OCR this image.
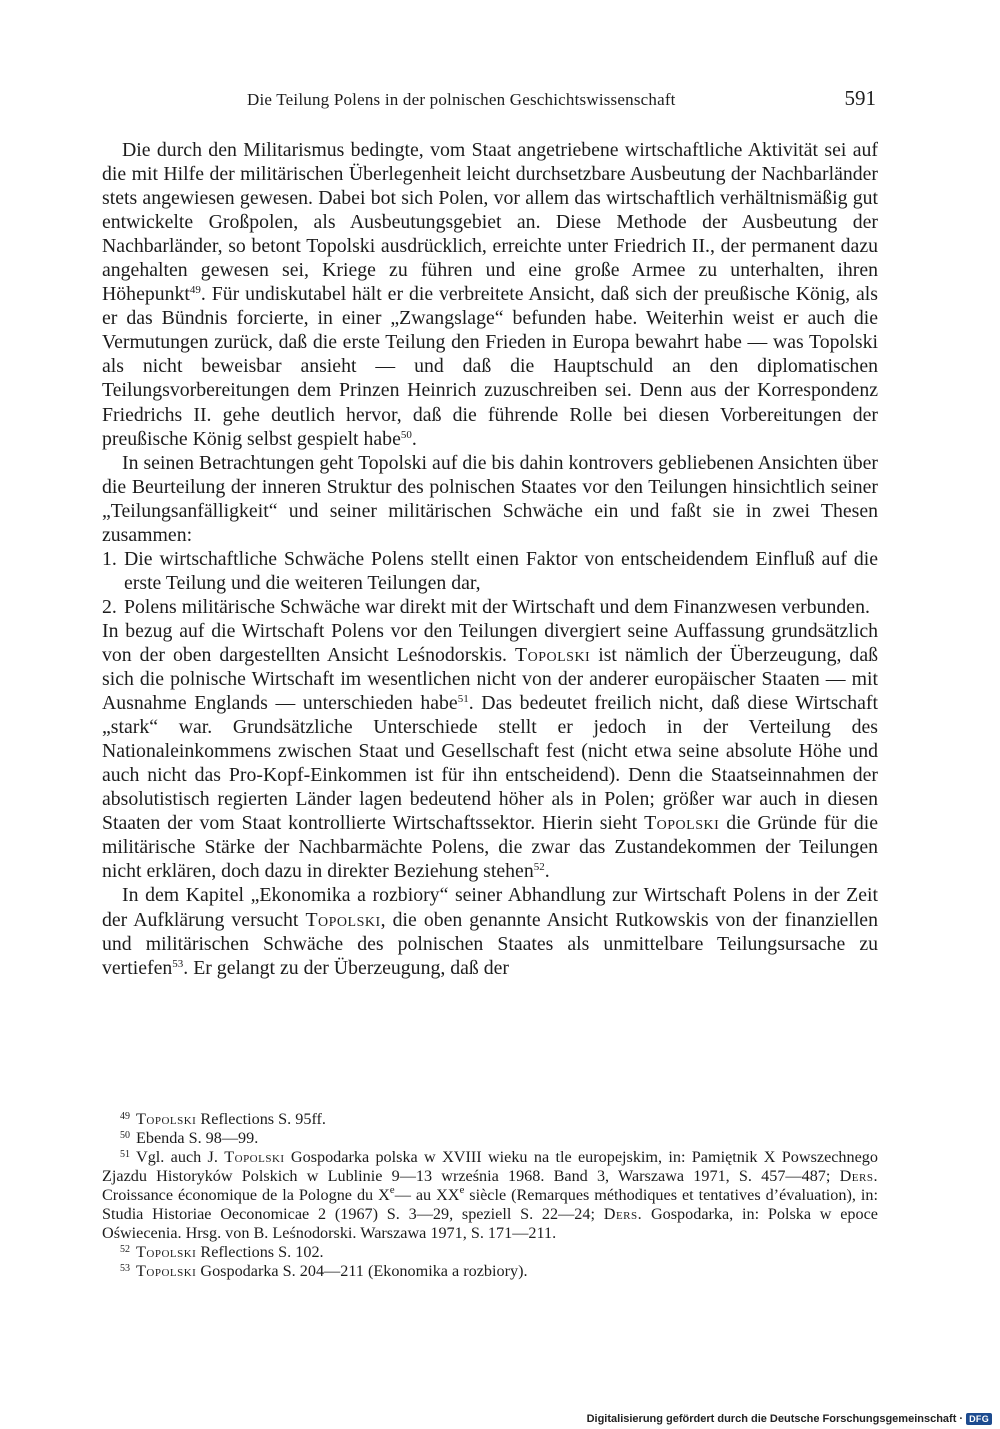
Die Teilung Polens in der polnischen Geschichtswissenschaft	591

Die durch den Militarismus bedingte, vom Staat angetriebene wirtschaftliche Aktivität sei auf die mit Hilfe der militärischen Überlegenheit leicht durchsetzbare Ausbeutung der Nachbarländer stets angewiesen gewesen. Dabei bot sich Polen, vor allem das wirtschaftlich verhältnismäßig gut entwickelte Großpolen, als Ausbeutungsgebiet an. Diese Methode der Ausbeutung der Nachbarländer, so betont Topolski ausdrücklich, erreichte unter Friedrich II., der permanent dazu angehalten gewesen sei, Kriege zu führen und eine große Armee zu unterhalten, ihren Höhepunkt$^{49}$. Für undiskutabel hält er die verbreitete Ansicht, daß sich der preußische König, als er das Bündnis forcierte, in einer „Zwangslage“ befunden habe. Weiterhin weist er auch die Vermutungen zurück, daß die erste Teilung den Frieden in Europa bewahrt habe — was Topolski als nicht beweisbar ansieht — und daß die Hauptschuld an den diplomatischen Teilungsvorbereitungen dem Prinzen Heinrich zuzuschreiben sei. Denn aus der Korrespondenz Friedrichs II. gehe deutlich hervor, daß die führende Rolle bei diesen Vorbereitungen der preußische König selbst gespielt habe$^{50}$.

In seinen Betrachtungen geht Topolski auf die bis dahin kontrovers gebliebenen Ansichten über die Beurteilung der inneren Struktur des polnischen Staates vor den Teilungen hinsichtlich seiner „Teilungsanfälligkeit“ und seiner militärischen Schwäche ein und faßt sie in zwei Thesen zusammen:

1. Die wirtschaftliche Schwäche Polens stellt einen Faktor von entscheidendem Einfluß auf die erste Teilung und die weiteren Teilungen dar,
2. Polens militärische Schwäche war direkt mit der Wirtschaft und dem Finanzwesen verbunden.

In bezug auf die Wirtschaft Polens vor den Teilungen divergiert seine Auffassung grundsätzlich von der oben dargestellten Ansicht Leśnodorskis. Topolski ist nämlich der Überzeugung, daß sich die polnische Wirtschaft im wesentlichen nicht von der anderer europäischer Staaten — mit Ausnahme Englands — unterschieden habe$^{51}$. Das bedeutet freilich nicht, daß diese Wirtschaft „stark“ war. Grundsätzliche Unterschiede stellt er jedoch in der Verteilung des Nationaleinkommens zwischen Staat und Gesellschaft fest (nicht etwa seine absolute Höhe und auch nicht das Pro-Kopf-Einkommen ist für ihn entscheidend). Denn die Staatseinnahmen der absolutistisch regierten Länder lagen bedeutend höher als in Polen; größer war auch in diesen Staaten der vom Staat kontrollierte Wirtschaftssektor. Hierin sieht Topolski die Gründe für die militärische Stärke der Nachbarmächte Polens, die zwar das Zustandekommen der Teilungen nicht erklären, doch dazu in direkter Beziehung stehen$^{52}$.

In dem Kapitel „Ekonomika a rozbiory“ seiner Abhandlung zur Wirtschaft Polens in der Zeit der Aufklärung versucht Topolski, die oben genannte Ansicht Rutkowskis von der finanziellen und militärischen Schwäche des polnischen Staates als unmittelbare Teilungsursache zu vertiefen$^{53}$. Er gelangt zu der Überzeugung, daß der

$^{49}$ Topolski Reflections S. 95ff.

$^{50}$ Ebenda S. 98—99.

$^{51}$ Vgl. auch J. Topolski Gospodarka polska w XVIII wieku na tle europejskim, in: Pamiętnik X Powszechnego Zjazdu Historyków Polskich w Lublinie 9—13 września 1968. Band 3, Warszawa 1971, S. 457—487; Ders. Croissance économique de la Pologne du Xe— au XXe siècle (Remarques méthodiques et tentatives d’évaluation), in: Studia Historiae Oeconomicae 2 (1967) S. 3—29, speziell S. 22—24; Ders. Gospodarka, in: Polska w epoce Oświecenia. Hrsg. von B. Leśnodorski. Warszawa 1971, S. 171—211.

$^{52}$ Topolski Reflections S. 102.

$^{53}$ Topolski Gospodarka S. 204—211 (Ekonomika a rozbiory).

Digitalisierung gefördert durch die Deutsche Forschungsgemeinschaft · DFG
